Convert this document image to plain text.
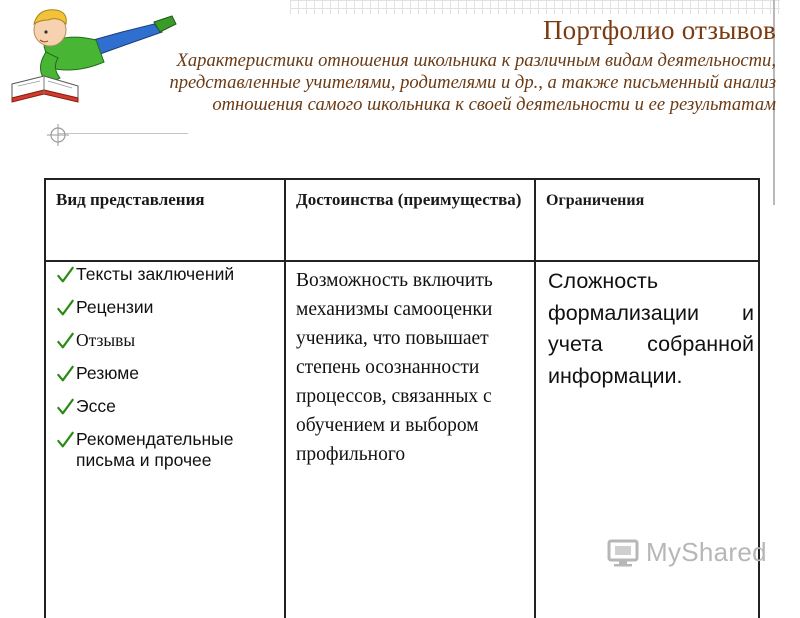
Портфолио отзывов
Характеристики отношения школьника к различным видам деятельности, представленные учителями, родителями и др., а также письменный анализ отношения самого школьника к своей деятельности и ее результатам
Вид представления
Тексты заключений
Рецензии
Отзывы
Резюме
Эссе
Рекомендательные письма и прочее
Достоинства (преимущества)
Возможность включить механизмы самооценки ученика, что повышает степень осознанности процессов, связанных с обучением и выбором профильного
Ограничения
Сложность формализации и учета собранной информации.
MyShared
